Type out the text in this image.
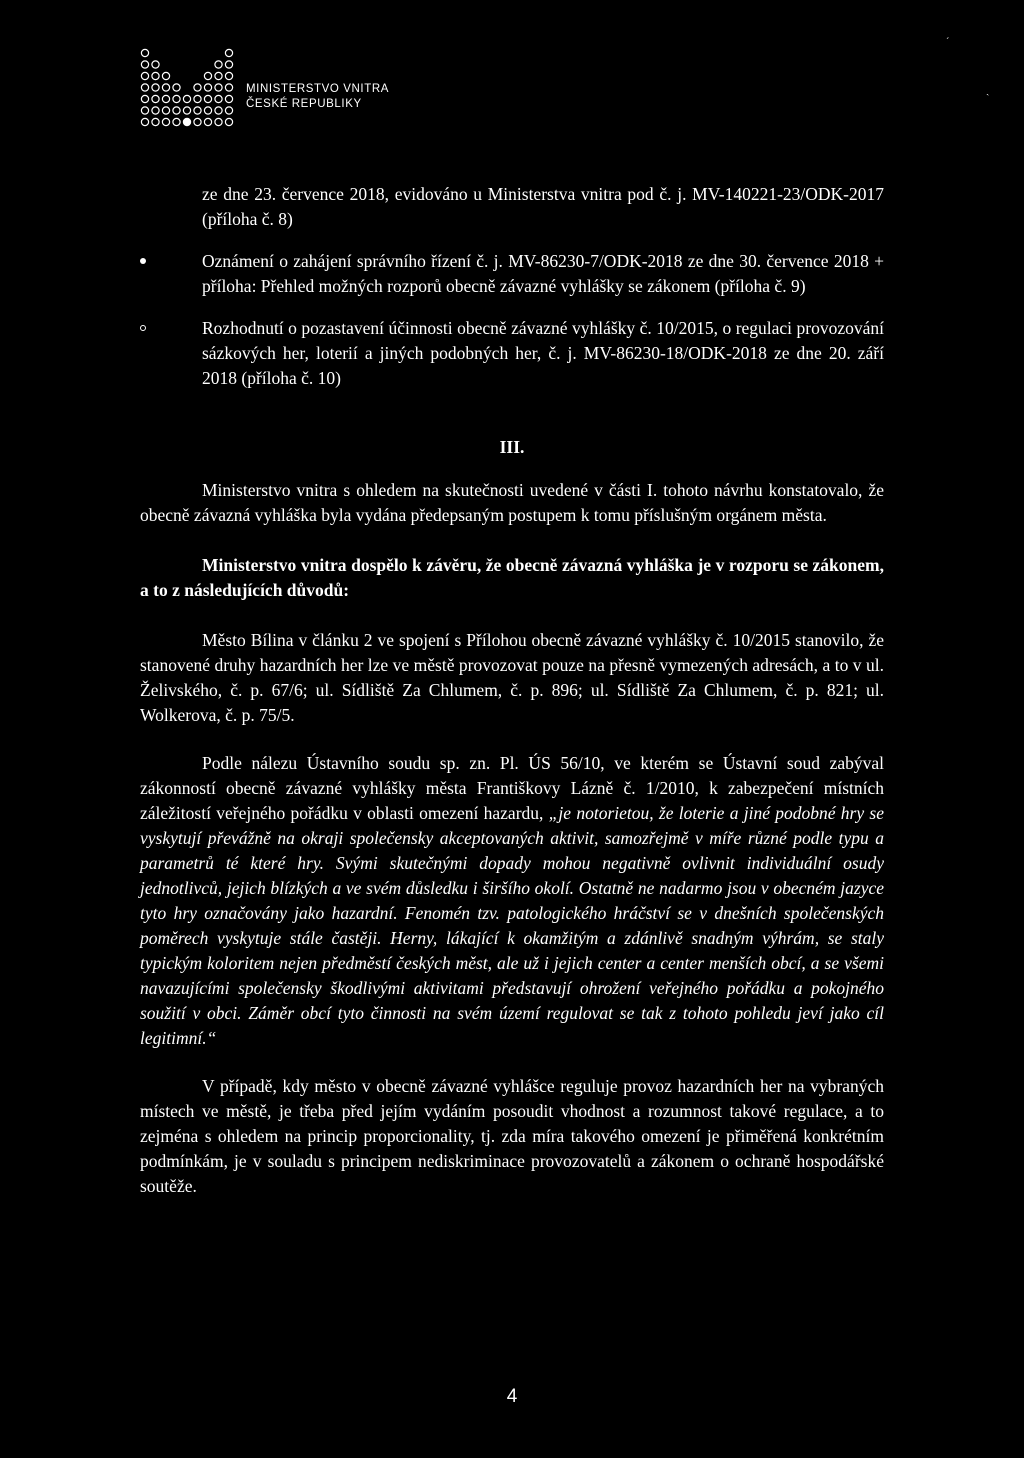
MINISTERSTVO VNITRA
ČESKÉ REPUBLIKY

ze dne 23. července 2018, evidováno u Ministerstva vnitra pod č. j. MV-140221-23/ODK-2017 (příloha č. 8)

Oznámení o zahájení správního řízení č. j. MV-86230-7/ODK-2018 ze dne 30. července 2018 + příloha: Přehled možných rozporů obecně závazné vyhlášky se zákonem (příloha č. 9)

Rozhodnutí o pozastavení účinnosti obecně závazné vyhlášky č. 10/2015, o regulaci provozování sázkových her, loterií a jiných podobných her, č. j. MV-86230-18/ODK-2018 ze dne 20. září 2018 (příloha č. 10)

III.

Ministerstvo vnitra s ohledem na skutečnosti uvedené v části I. tohoto návrhu konstatovalo, že obecně závazná vyhláška byla vydána předepsaným postupem k tomu příslušným orgánem města.

Ministerstvo vnitra dospělo k závěru, že obecně závazná vyhláška je v rozporu se zákonem, a to z následujících důvodů:

Město Bílina v článku 2 ve spojení s Přílohou obecně závazné vyhlášky č. 10/2015 stanovilo, že stanovené druhy hazardních her lze ve městě provozovat pouze na přesně vymezených adresách, a to v ul. Želivského, č. p. 67/6; ul. Sídliště Za Chlumem, č. p. 896; ul. Sídliště Za Chlumem, č. p. 821; ul. Wolkerova, č. p. 75/5.

Podle nálezu Ústavního soudu sp. zn. Pl. ÚS 56/10, ve kterém se Ústavní soud zabýval zákonností obecně závazné vyhlášky města Františkovy Lázně č. 1/2010, k zabezpečení místních záležitostí veřejného pořádku v oblasti omezení hazardu, „je notorietou, že loterie a jiné podobné hry se vyskytují převážně na okraji společensky akceptovaných aktivit, samozřejmě v míře různé podle typu a parametrů té které hry. Svými skutečnými dopady mohou negativně ovlivnit individuální osudy jednotlivců, jejich blízkých a ve svém důsledku i širšího okolí. Ostatně ne nadarmo jsou v obecném jazyce tyto hry označovány jako hazardní. Fenomén tzv. patologického hráčství se v dnešních společenských poměrech vyskytuje stále častěji. Herny, lákající k okamžitým a zdánlivě snadným výhrám, se staly typickým koloritem nejen předměstí českých měst, ale už i jejich center a center menších obcí, a se všemi navazujícími společensky škodlivými aktivitami představují ohrožení veřejného pořádku a pokojného soužití v obci. Záměr obcí tyto činnosti na svém území regulovat se tak z tohoto pohledu jeví jako cíl legitimní.“

V případě, kdy město v obecně závazné vyhlášce reguluje provoz hazardních her na vybraných místech ve městě, je třeba před jejím vydáním posoudit vhodnost a rozumnost takové regulace, a to zejména s ohledem na princip proporcionality, tj. zda míra takového omezení je přiměřená konkrétním podmínkám, je v souladu s principem nediskriminace provozovatelů a zákonem o ochraně hospodářské soutěže.

ˊ
ˏ
4
